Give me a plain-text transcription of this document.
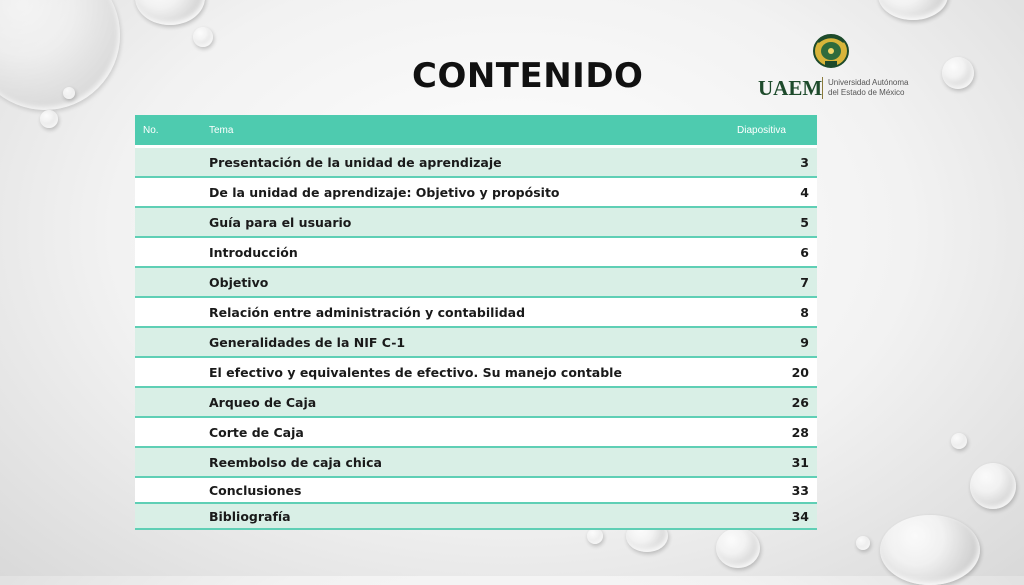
CONTENIDO	UAEM Universidad Autónoma
del Estado de México
No.	Tema	Diapositiva
	Presentación de la unidad de aprendizaje	3
	De la unidad de aprendizaje: Objetivo y propósito	4
	Guía para el usuario	5
	Introducción	6
	Objetivo	7
	Relación entre administración y contabilidad	8
	Generalidades de la NIF C-1	9
	El efectivo y equivalentes de efectivo. Su manejo contable	20
	Arqueo de Caja	26
	Corte de Caja	28
	Reembolso de caja chica	31
	Conclusiones	33
	Bibliografía	34
